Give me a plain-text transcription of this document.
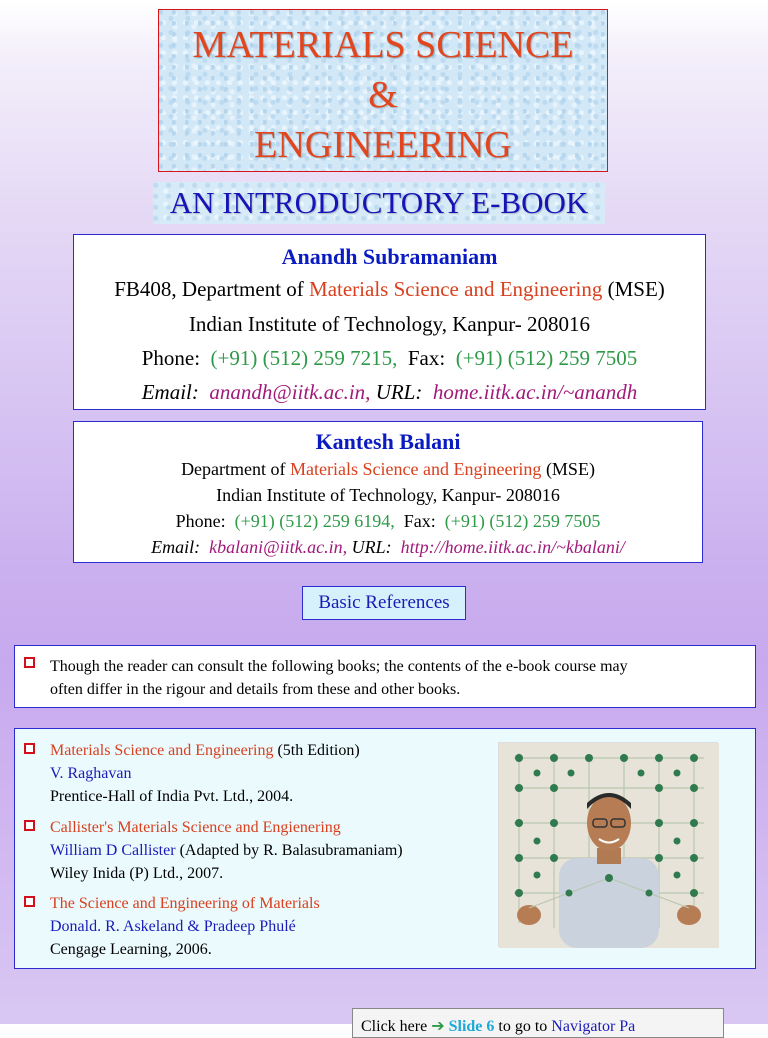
MATERIALS SCIENCE
&
ENGINEERING
AN INTRODUCTORY E-BOOK
Anandh Subramaniam
FB408, Department of Materials Science and Engineering (MSE)
Indian Institute of Technology, Kanpur- 208016
Phone: (+91) (512) 259 7215, Fax: (+91) (512) 259 7505
Email: anandh@iitk.ac.in, URL: home.iitk.ac.in/~anandh
Kantesh Balani
Department of Materials Science and Engineering (MSE)
Indian Institute of Technology, Kanpur- 208016
Phone: (+91) (512) 259 6194, Fax: (+91) (512) 259 7505
Email: kbalani@iitk.ac.in, URL: http://home.iitk.ac.in/~kbalani/
Basic References
Though the reader can consult the following books; the contents of the e-book course may
often differ in the rigour and details from these and other books.
Materials Science and Engineering (5th Edition)
V. Raghavan
Prentice-Hall of India Pvt. Ltd., 2004.
Callister's Materials Science and Engienering
William D Callister (Adapted by R. Balasubramaniam)
Wiley Inida (P) Ltd., 2007.
The Science and Engineering of Materials
Donald. R. Askeland & Pradeep Phulé
Cengage Learning, 2006.
Click here ➔ Slide 6 to go to Navigator Pa
